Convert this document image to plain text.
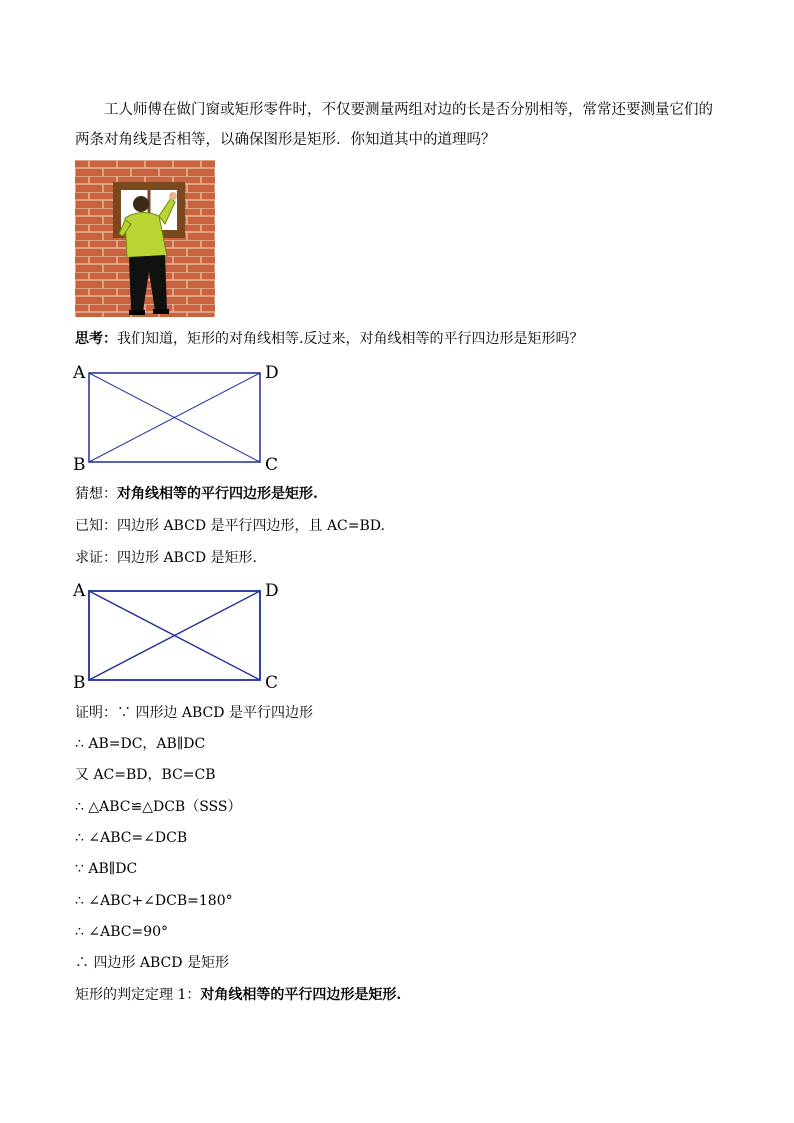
工人师傅在做门窗或矩形零件时，不仅要测量两组对边的长是否分别相等，常常还要测量它们的两条对角线是否相等，以确保图形是矩形．你知道其中的道理吗？
思考：我们知道，矩形的对角线相等.反过来，对角线相等的平行四边形是矩形吗？
A	D
B	C
猜想：对角线相等的平行四边形是矩形.
已知：四边形 ABCD 是平行四边形，且 AC=BD.
求证：四边形 ABCD 是矩形.
A	D
B	C
证明：∵ 四形边 ABCD 是平行四边形
∴ AB=DC，AB∥DC
又 AC=BD，BC=CB
∴ △ABC≌△DCB（SSS）
∴ ∠ABC=∠DCB
∵ AB∥DC
∴ ∠ABC+∠DCB=180°
∴ ∠ABC=90°
∴ 四边形 ABCD 是矩形
矩形的判定定理 1：对角线相等的平行四边形是矩形.
